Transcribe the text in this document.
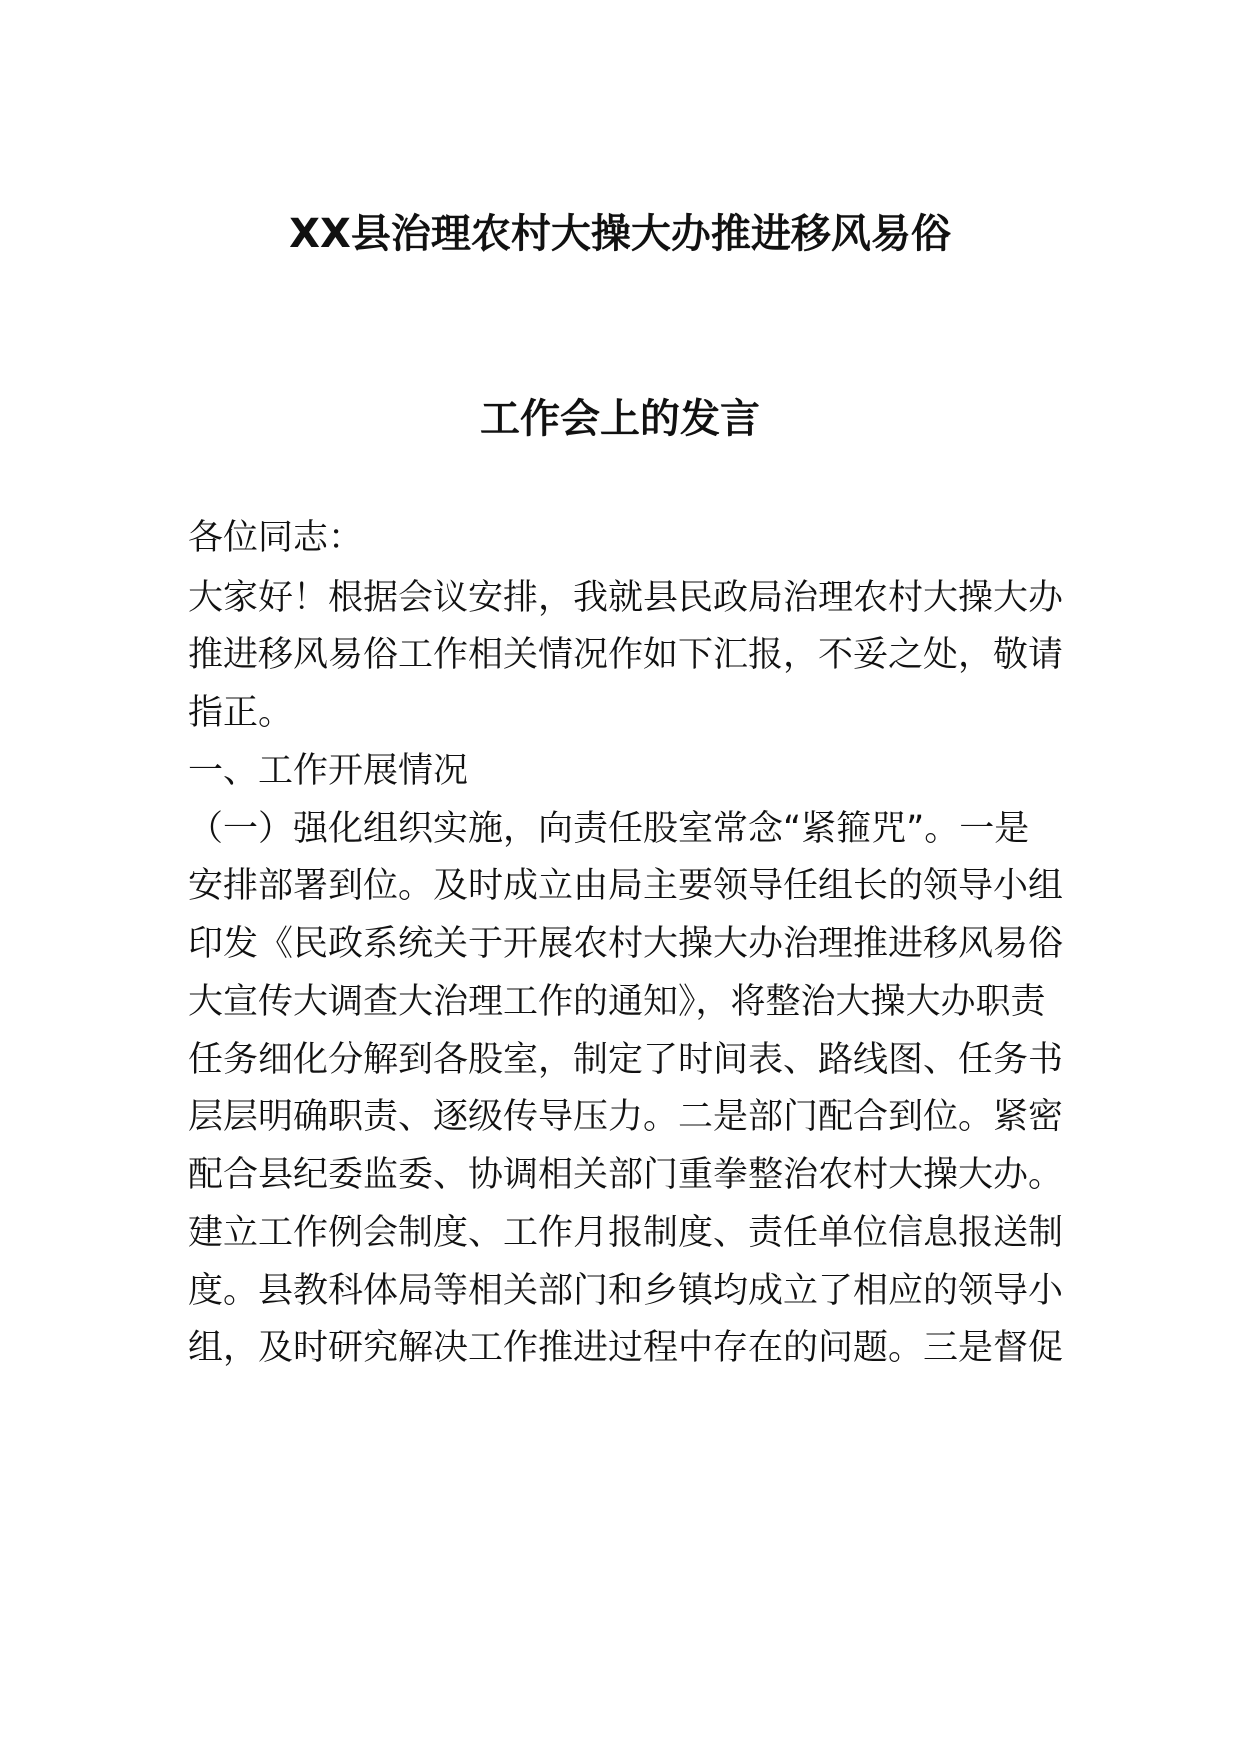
XX县治理农村大操大办推进移风易俗
工作会上的发言
各位同志：
大家好！根据会议安排，我就县民政局治理农村大操大办
推进移风易俗工作相关情况作如下汇报，不妥之处，敬请
指正。
一、工作开展情况
（一）强化组织实施，向责任股室常念“紧箍咒”。一是
安排部署到位。及时成立由局主要领导任组长的领导小组
印发《民政系统关于开展农村大操大办治理推进移风易俗
大宣传大调查大治理工作的通知》，将整治大操大办职责
任务细化分解到各股室，制定了时间表、路线图、任务书
层层明确职责、逐级传导压力。二是部门配合到位。紧密
配合县纪委监委、协调相关部门重拳整治农村大操大办。
建立工作例会制度、工作月报制度、责任单位信息报送制
度。县教科体局等相关部门和乡镇均成立了相应的领导小
组，及时研究解决工作推进过程中存在的问题。三是督促
